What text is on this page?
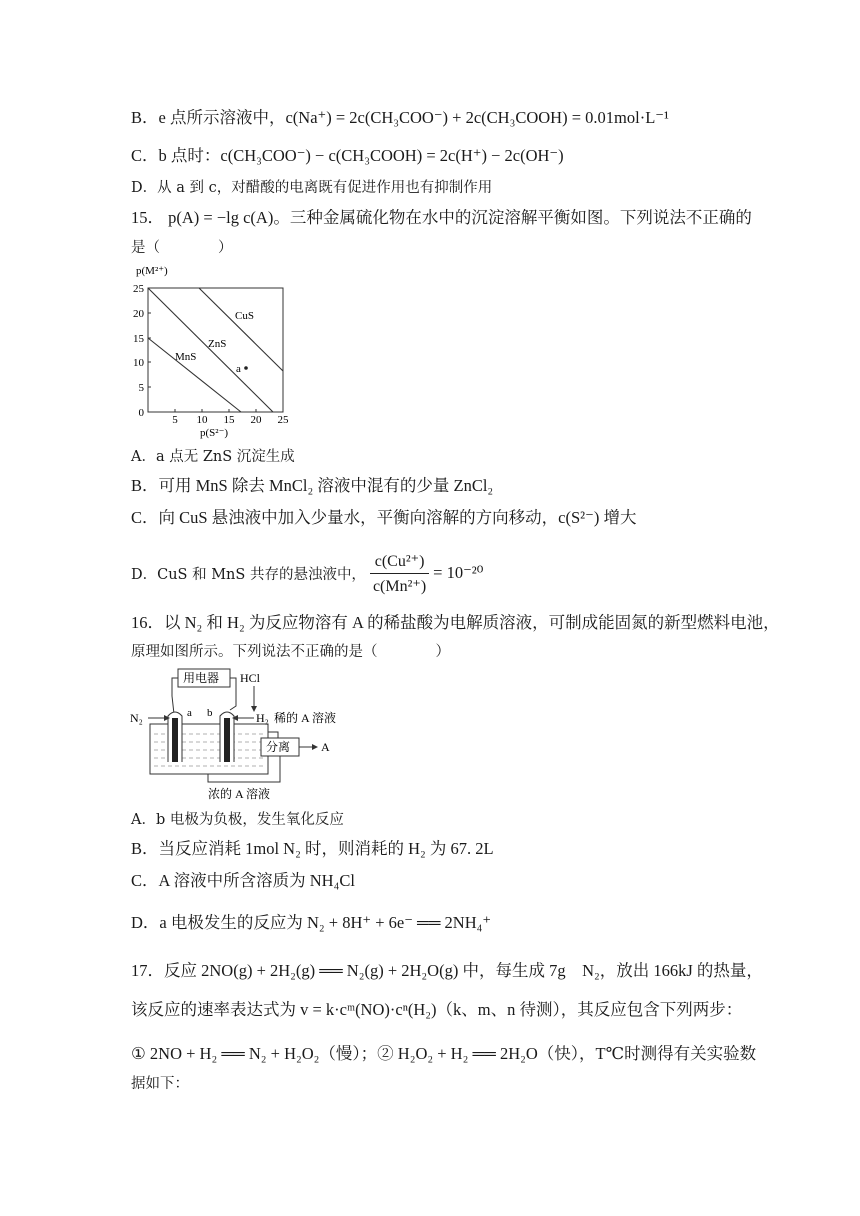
B．e 点所示溶液中，c(Na⁺) = 2c(CH₃COO⁻) + 2c(CH₃COOH) = 0.01mol·L⁻¹
C．b 点时：c(CH₃COO⁻) − c(CH₃COOH) = 2c(H⁺) − 2c(OH⁻)
D．从 a 到 c，对醋酸的电离既有促进作用也有抑制作用
15． p(A) = −lg c(A)。三种金属硫化物在水中的沉淀溶解平衡如图。下列说法不正确的
是（　　　　）
p(M²⁺)
CuS
ZnS
MnS
a
25
20
15
10
5
0
5 10 15 20 25
p(S²⁻)
A．a 点无 ZnS 沉淀生成
B．可用 MnS 除去 MnCl₂ 溶液中混有的少量 ZnCl₂
C．向 CuS 悬浊液中加入少量水，平衡向溶解的方向移动，c(S²⁻) 增大
D．CuS 和 MnS 共存的悬浊液中，
c(Cu²⁺)
c(Mn²⁺)
= 10⁻²⁰
16．以 N₂ 和 H₂ 为反应物溶有 A 的稀盐酸为电解质溶液，可制成能固氮的新型燃料电池，
原理如图所示。下列说法不正确的是（　　　　）
用电器 HCl
a b
N₂	H₂ 稀的 A 溶液
分离	A
浓的 A 溶液
A．b 电极为负极，发生氧化反应
B．当反应消耗 1mol N₂ 时，则消耗的 H₂ 为 67. 2L
C．A 溶液中所含溶质为 NH₄Cl
D．a 电极发生的反应为 N₂ + 8H⁺ + 6e⁻ ══ 2NH₄⁺
17．反应 2NO(g) + 2H₂(g) ══ N₂(g) + 2H₂O(g) 中，每生成 7g　N₂，放出 166kJ 的热量，
该反应的速率表达式为 v = k·cᵐ(NO)·cⁿ(H₂)（k、m、n 待测），其反应包含下列两步：
① 2NO + H₂ ══ N₂ + H₂O₂（慢）；② H₂O₂ + H₂ ══ 2H₂O（快），T℃时测得有关实验数
据如下：
